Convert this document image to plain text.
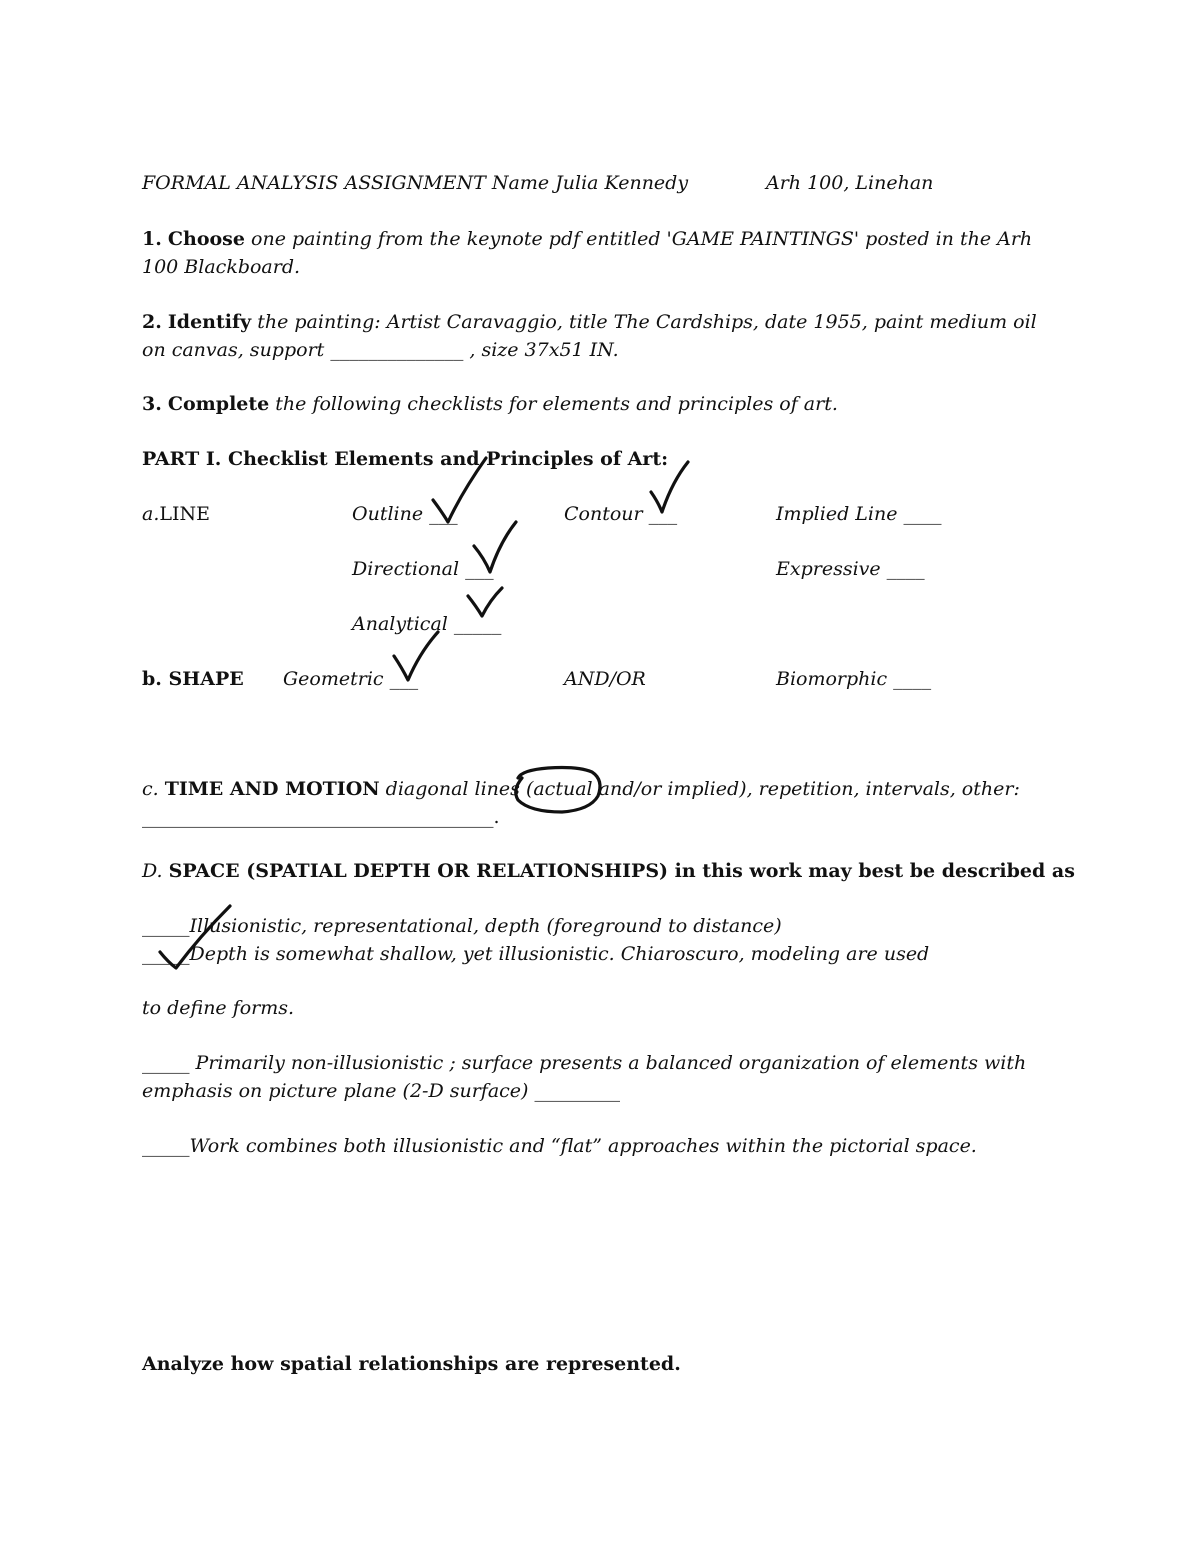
FORMAL ANALYSIS ASSIGNMENT Name Julia Kennedy	Arh 100, Linehan
1. Choose one painting from the keynote pdf entitled 'GAME PAINTINGS' posted in the Arh
100 Blackboard.
2. Identify the painting: Artist Caravaggio, title The Cardships, date 1955, paint medium oil
on canvas, support ______________ , size 37x51 IN.
3. Complete the following checklists for elements and principles of art.
PART I. Checklist Elements and Principles of Art:
a.LINE	Outline ___	Contour ___	Implied Line ____
Directional ___	Expressive ____
Analytical _____
b. SHAPE Geometric ___	AND/OR	Biomorphic ____
c. TIME AND MOTION diagonal lines (actual and/or implied), repetition, intervals, other:
_____________________________________.
D. SPACE (SPATIAL DEPTH OR RELATIONSHIPS) in this work may best be described as
_____Illusionistic, representational, depth (foreground to distance)
_____Depth is somewhat shallow, yet illusionistic. Chiaroscuro, modeling are used
to define forms.
_____ Primarily non-illusionistic ; surface presents a balanced organization of elements with
emphasis on picture plane (2-D surface) _________
_____Work combines both illusionistic and “flat” approaches within the pictorial space.
Analyze how spatial relationships are represented.
